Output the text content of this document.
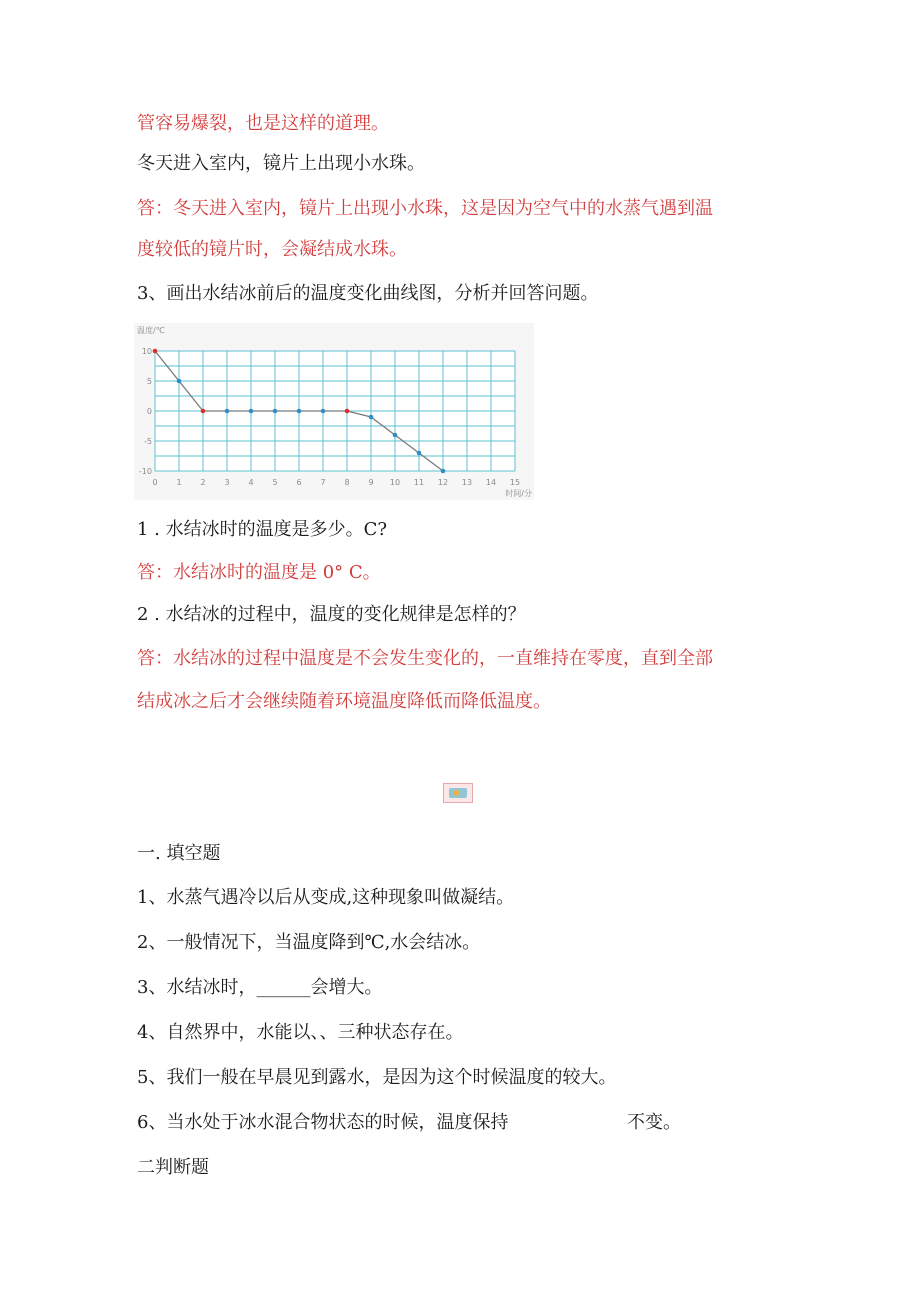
管容易爆裂，也是这样的道理。
冬天进入室内，镜片上出现小水珠。
答：冬天进入室内，镜片上出现小水珠，这是因为空气中的水蒸气遇到温
度较低的镜片时，会凝结成水珠。
3、画出水结冰前后的温度变化曲线图，分析并回答问题。
0 1 2 3 4 5 6 7 8 9 10 11 12 13 14 15
10
5
0
-5
-10
温度/℃
时间/分
1 . 水结冰时的温度是多少。C?
答：水结冰时的温度是 0° C。
2 . 水结冰的过程中，温度的变化规律是怎样的？
答：水结冰的过程中温度是不会发生变化的，一直维持在零度，直到全部
结成冰之后才会继续随着环境温度降低而降低温度。
一. 填空题
1、水蒸气遇冷以后从变成,这种现象叫做凝结。
2、一般情况下，当温度降到℃,水会结冰。
3、水结冰时，______会增大。
4、自然界中，水能以、、三种状态存在。
5、我们一般在早晨见到露水，是因为这个时候温度的较大。
6、当水处于冰水混合物状态的时候，温度保持	不变。
二判断题
